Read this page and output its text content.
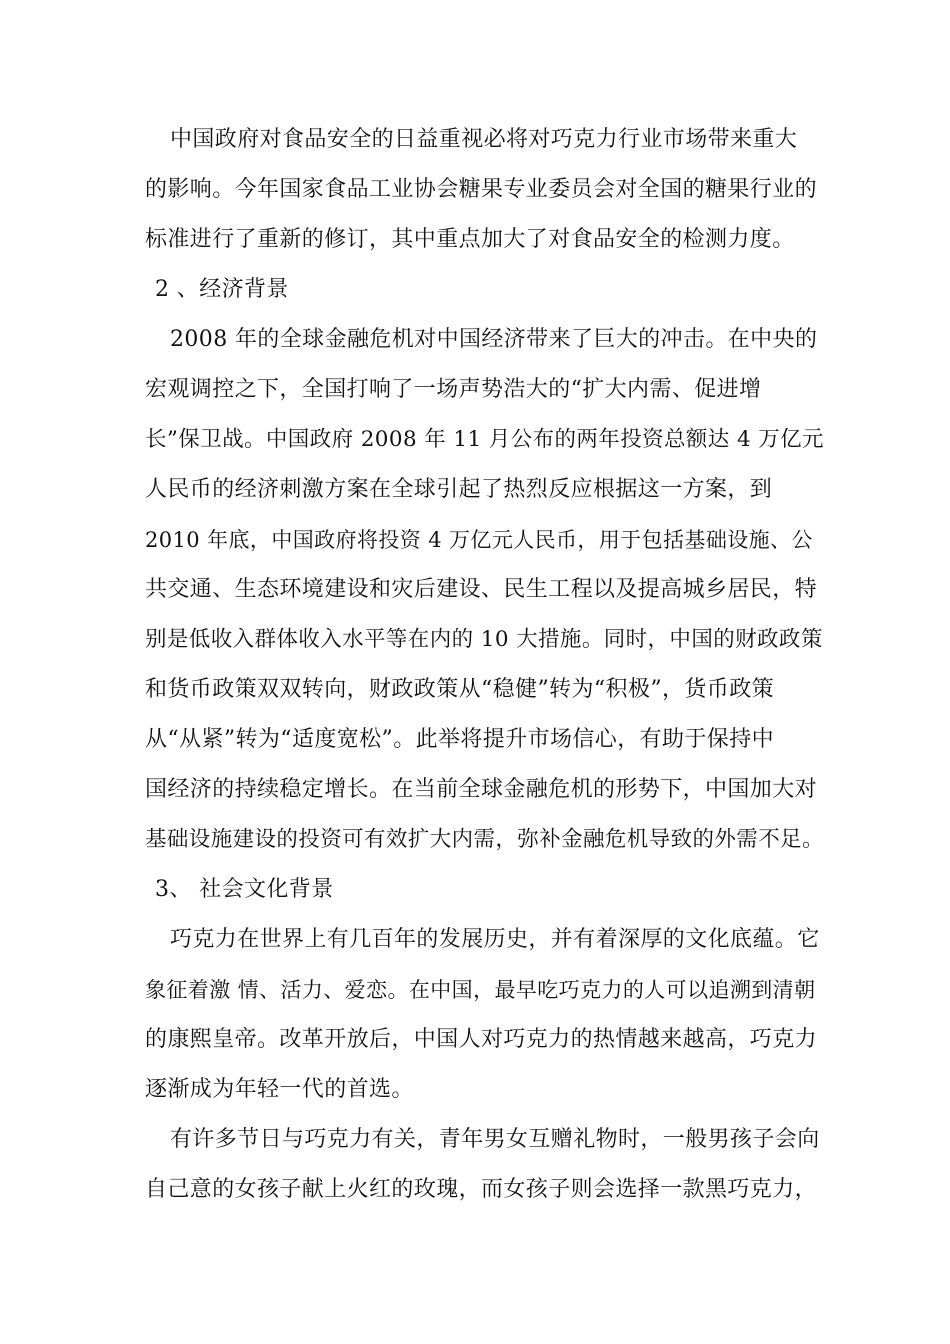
中国政府对食品安全的日益重视必将对巧克力行业市场带来重大
的影响。今年国家食品工业协会糖果专业委员会对全国的糖果行业的
标准进行了重新的修订，其中重点加大了对食品安全的检测力度。
2 、经济背景
2008 年的全球金融危机对中国经济带来了巨大的冲击。在中央的
宏观调控之下，全国打响了一场声势浩大的“扩大内需、促进增
长”保卫战。中国政府 2008 年 11 月公布的两年投资总额达 4 万亿元
人民币的经济刺激方案在全球引起了热烈反应根据这一方案，到
2010 年底，中国政府将投资 4 万亿元人民币，用于包括基础设施、公
共交通、生态环境建设和灾后建设、民生工程以及提高城乡居民，特
别是低收入群体收入水平等在内的 10 大措施。同时，中国的财政政策
和货币政策双双转向，财政政策从“稳健”转为“积极”，货币政策
从“从紧”转为“适度宽松”。此举将提升市场信心，有助于保持中
国经济的持续稳定增长。在当前全球金融危机的形势下，中国加大对
基础设施建设的投资可有效扩大内需，弥补金融危机导致的外需不足。
3、 社会文化背景
巧克力在世界上有几百年的发展历史，并有着深厚的文化底蕴。它
象征着激 情、活力、爱恋。在中国，最早吃巧克力的人可以追溯到清朝
的康熙皇帝。改革开放后，中国人对巧克力的热情越来越高，巧克力
逐渐成为年轻一代的首选。
有许多节日与巧克力有关，青年男女互赠礼物时，一般男孩子会向
自己意的女孩子献上火红的玫瑰，而女孩子则会选择一款黑巧克力，
